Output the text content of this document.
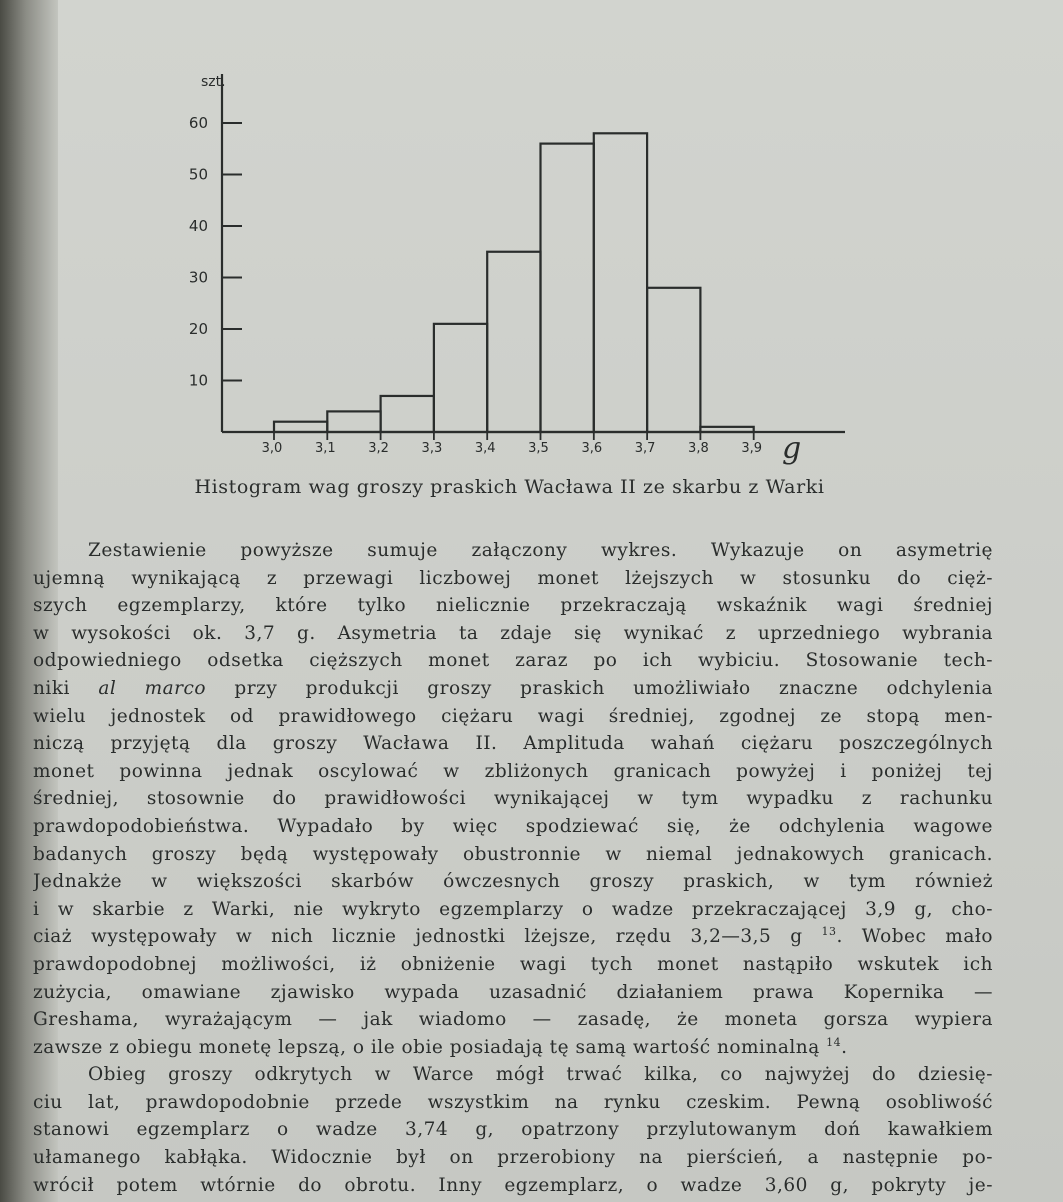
10
20
30
40
50
60
3,0	3,1	3,2	3,3	3,4	3,5	3,6	3,7	3,8	3,9
szt.
g
Histogram wag groszy praskich Wacława II ze skarbu z Warki
Zestawienie powyższe sumuje załączony wykres. Wykazuje on asymetrię
ujemną wynikającą z przewagi liczbowej monet lżejszych w stosunku do cięż-
szych egzemplarzy, które tylko nielicznie przekraczają wskaźnik wagi średniej
w wysokości ok. 3,7 g. Asymetria ta zdaje się wynikać z uprzedniego wybrania
odpowiedniego odsetka cięższych monet zaraz po ich wybiciu. Stosowanie tech-
niki al marco przy produkcji groszy praskich umożliwiało znaczne odchylenia
wielu jednostek od prawidłowego ciężaru wagi średniej, zgodnej ze stopą men-
niczą przyjętą dla groszy Wacława II. Amplituda wahań ciężaru poszczególnych
monet powinna jednak oscylować w zbliżonych granicach powyżej i poniżej tej
średniej, stosownie do prawidłowości wynikającej w tym wypadku z rachunku
prawdopodobieństwa. Wypadało by więc spodziewać się, że odchylenia wagowe
badanych groszy będą występowały obustronnie w niemal jednakowych granicach.
Jednakże w większości skarbów ówczesnych groszy praskich, w tym również
i w skarbie z Warki, nie wykryto egzemplarzy o wadze przekraczającej 3,9 g, cho-
ciaż występowały w nich licznie jednostki lżejsze, rzędu 3,2—3,5 g $^{13}$. Wobec mało
prawdopodobnej możliwości, iż obniżenie wagi tych monet nastąpiło wskutek ich
zużycia, omawiane zjawisko wypada uzasadnić działaniem prawa Kopernika —
Greshama, wyrażającym — jak wiadomo — zasadę, że moneta gorsza wypiera
zawsze z obiegu monetę lepszą, o ile obie posiadają tę samą wartość nominalną $^{14}$.
Obieg groszy odkrytych w Warce mógł trwać kilka, co najwyżej do dziesię-
ciu lat, prawdopodobnie przede wszystkim na rynku czeskim. Pewną osobliwość
stanowi egzemplarz o wadze 3,74 g, opatrzony przylutowanym doń kawałkiem
ułamanego kabłąka. Widocznie był on przerobiony na pierścień, a następnie po-
wrócił potem wtórnie do obrotu. Inny egzemplarz, o wadze 3,60 g, pokryty je-
